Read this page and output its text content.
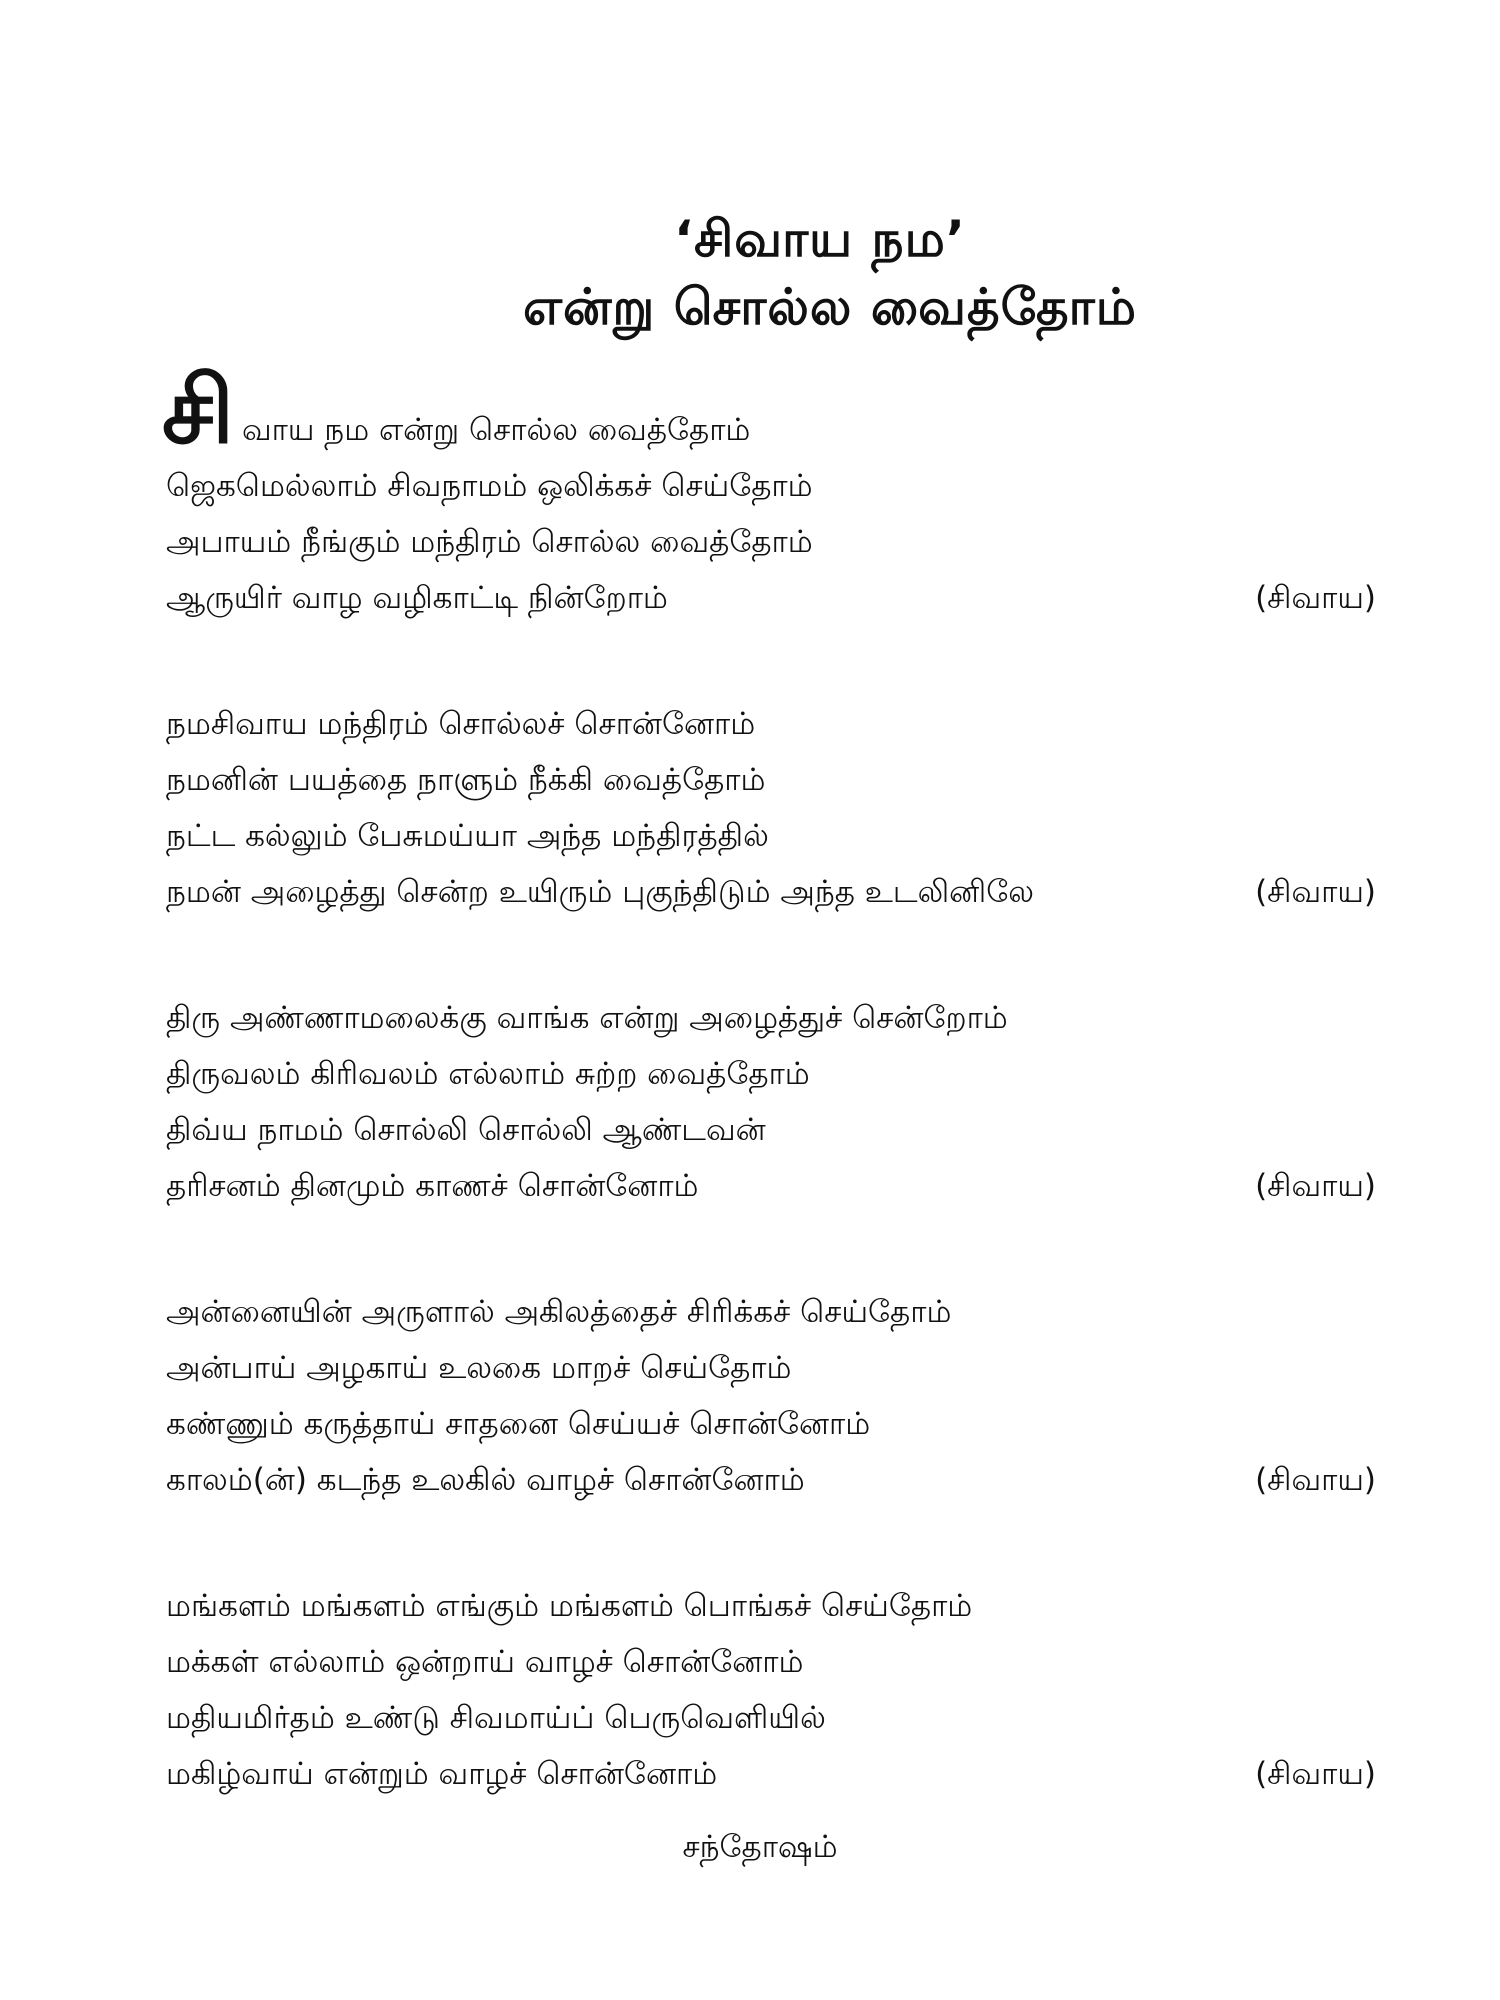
‘சிவாய நம’
என்று சொல்ல வைத்தோம்
சி வாய நம என்று சொல்ல வைத்தோம்
ஜெகமெல்லாம் சிவநாமம் ஒலிக்கச் செய்தோம்
அபாயம் நீங்கும் மந்திரம் சொல்ல வைத்தோம்
ஆருயிர் வாழ வழிகாட்டி நின்றோம்	(சிவாய)
நமசிவாய மந்திரம் சொல்லச் சொன்னோம்
நமனின் பயத்தை நாளும் நீக்கி வைத்தோம்
நட்ட கல்லும் பேசுமய்யா அந்த மந்திரத்தில்
நமன் அழைத்து சென்ற உயிரும் புகுந்திடும் அந்த உடலினிலே	(சிவாய)
திரு அண்ணாமலைக்கு வாங்க என்று அழைத்துச் சென்றோம்
திருவலம் கிரிவலம் எல்லாம் சுற்ற வைத்தோம்
திவ்ய நாமம் சொல்லி சொல்லி ஆண்டவன்
தரிசனம் தினமும் காணச் சொன்னோம்	(சிவாய)
அன்னையின் அருளால் அகிலத்தைச் சிரிக்கச் செய்தோம்
அன்பாய் அழகாய் உலகை மாறச் செய்தோம்
கண்ணும் கருத்தாய் சாதனை செய்யச் சொன்னோம்
காலம்(ன்) கடந்த உலகில் வாழச் சொன்னோம்	(சிவாய)
மங்களம் மங்களம் எங்கும் மங்களம் பொங்கச் செய்தோம்
மக்கள் எல்லாம் ஒன்றாய் வாழச் சொன்னோம்
மதியமிர்தம் உண்டு சிவமாய்ப் பெருவெளியில்
மகிழ்வாய் என்றும் வாழச் சொன்னோம்	(சிவாய)
சந்தோஷம்
